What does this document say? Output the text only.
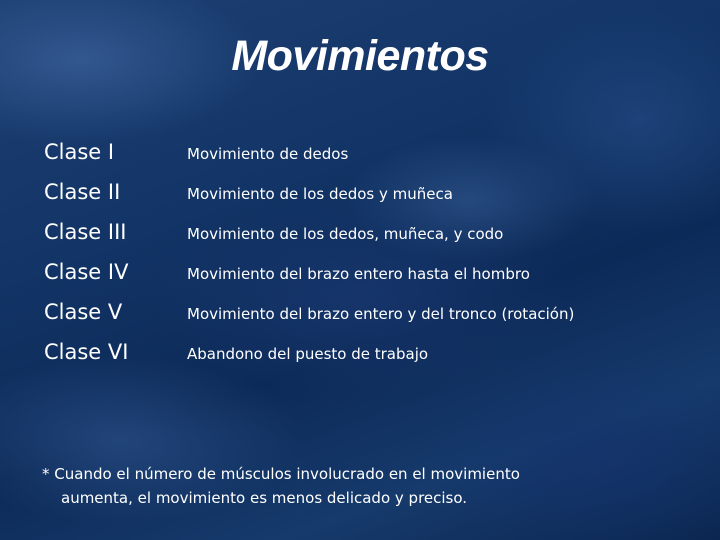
Movimientos
Clase I	Movimiento de dedos
Clase II	Movimiento de los dedos y muñeca
Clase III	Movimiento de los dedos, muñeca, y codo
Clase IV	Movimiento del brazo entero hasta el hombro
Clase V	Movimiento del brazo entero y del tronco (rotación)
Clase VI	Abandono del puesto de trabajo
* Cuando el número de músculos involucrado en el movimiento
aumenta, el movimiento es menos delicado y preciso.
